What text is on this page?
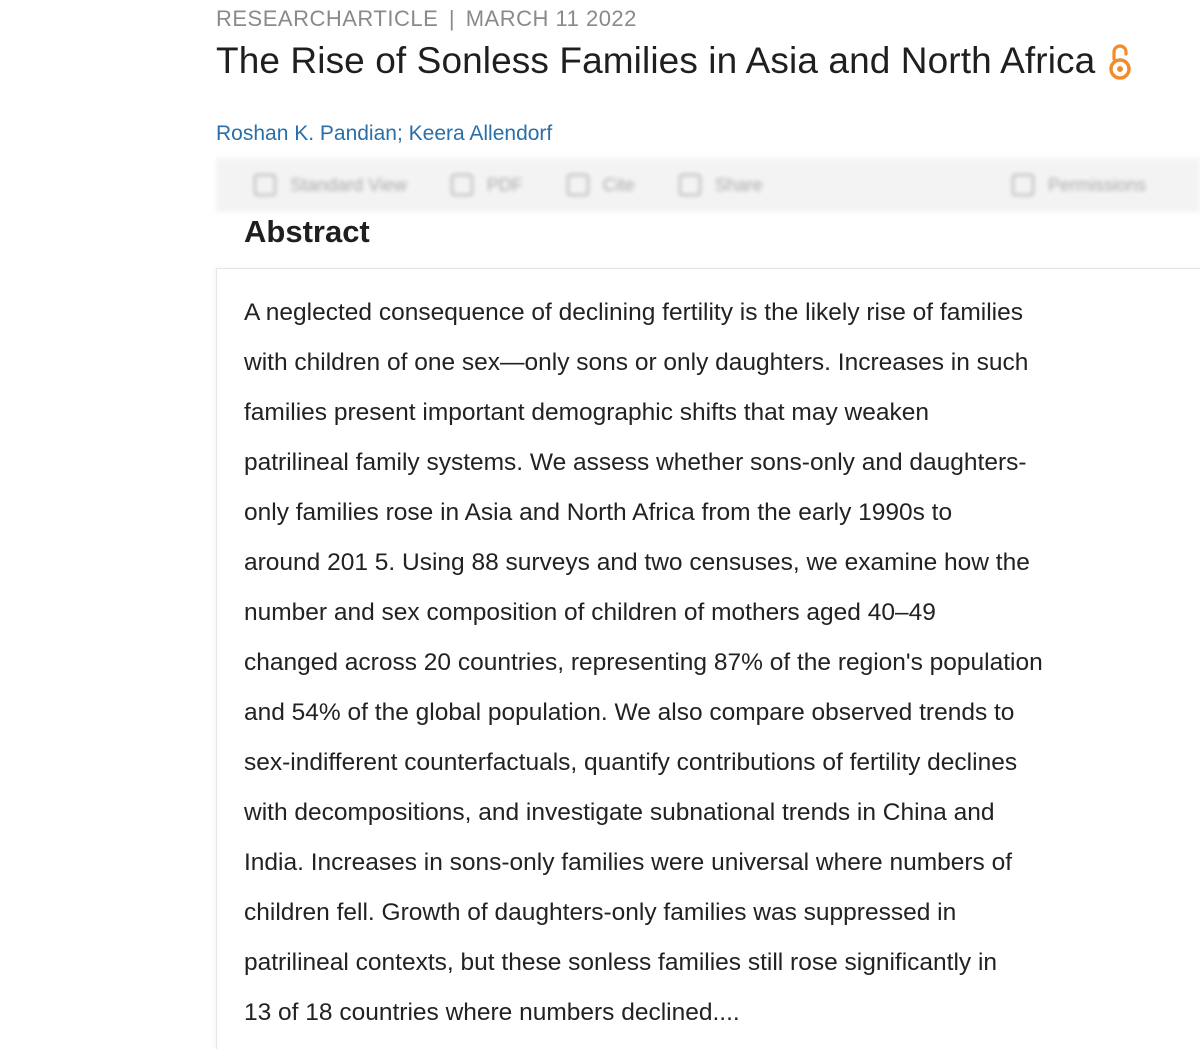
RESEARCHARTICLE | MARCH 11 2022
The Rise of Sonless Families in Asia and North Africa
Roshan K. Pandian; Keera Allendorf
Standard View	PDF	Cite	Share	Permissions
Abstract
A neglected consequence of declining fertility is the likely rise of families
with children of one sex—only sons or only daughters. Increases in such
families present important demographic shifts that may weaken
patrilineal family systems. We assess whether sons-only and daughters-
only families rose in Asia and North Africa from the early 1990s to
around 201 5. Using 88 surveys and two censuses, we examine how the
number and sex composition of children of mothers aged 40–49
changed across 20 countries, representing 87% of the region's population
and 54% of the global population. We also compare observed trends to
sex-indifferent counterfactuals, quantify contributions of fertility declines
with decompositions, and investigate subnational trends in China and
India. Increases in sons-only families were universal where numbers of
children fell. Growth of daughters-only families was suppressed in
patrilineal contexts, but these sonless families still rose significantly in
13 of 18 countries where numbers declined....
